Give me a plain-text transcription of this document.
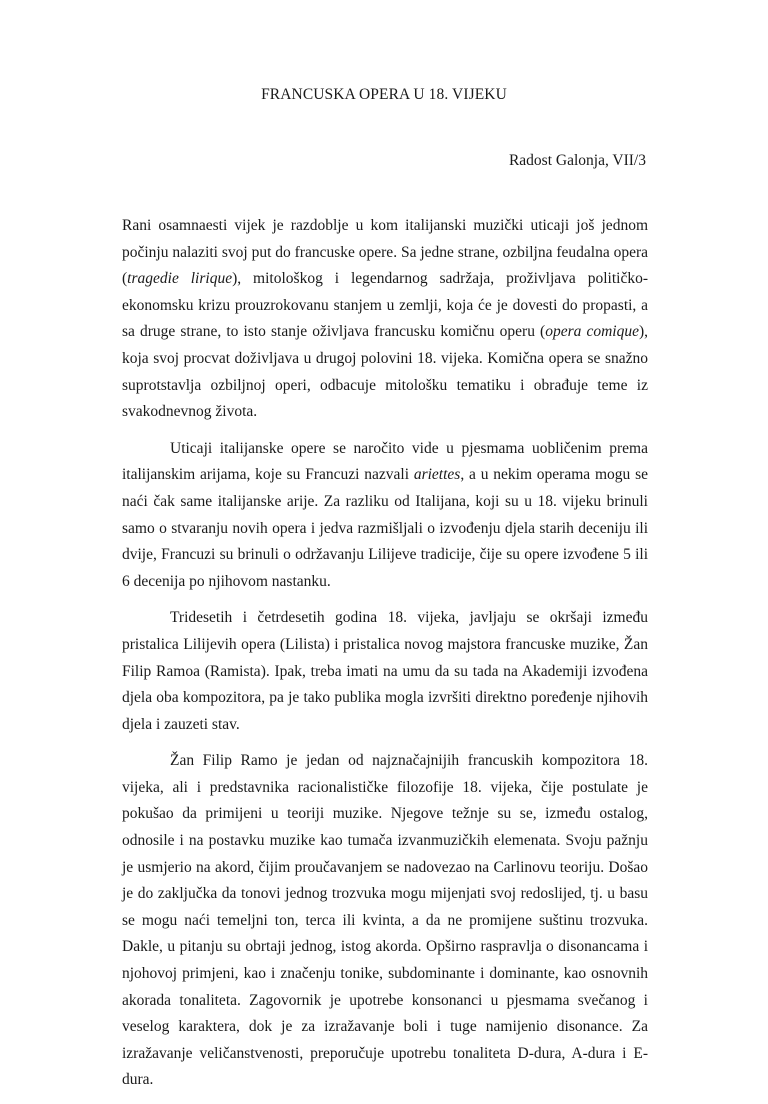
FRANCUSKA OPERA U 18. VIJEKU
Radost Galonja, VII/3

Rani osamnaesti vijek je razdoblje u kom italijanski muzički uticaji još jednom počinju nalaziti svoj put do francuske opere. Sa jedne strane, ozbiljna feudalna opera (tragedie lirique), mitološkog i legendarnog sadržaja, proživljava političko-ekonomsku krizu prouzrokovanu stanjem u zemlji, koja će je dovesti do propasti, a sa druge strane, to isto stanje oživljava francusku komičnu operu (opera comique), koja svoj procvat doživljava u drugoj polovini 18. vijeka. Komična opera se snažno suprotstavlja ozbiljnoj operi, odbacuje mitološku tematiku i obrađuje teme iz svakodnevnog života.

Uticaji italijanske opere se naročito vide u pjesmama uobličenim prema italijanskim arijama, koje su Francuzi nazvali ariettes, a u nekim operama mogu se naći čak same italijanske arije. Za razliku od Italijana, koji su u 18. vijeku brinuli samo o stvaranju novih opera i jedva razmišljali o izvođenju djela starih deceniju ili dvije, Francuzi su brinuli o održavanju Lilijeve tradicije, čije su opere izvođene 5 ili 6 decenija po njihovom nastanku.

Tridesetih i četrdesetih godina 18. vijeka, javljaju se okršaji između pristalica Lilijevih opera (Lilista) i pristalica novog majstora francuske muzike, Žan Filip Ramoa (Ramista). Ipak, treba imati na umu da su tada na Akademiji izvođena djela oba kompozitora, pa je tako publika mogla izvršiti direktno poređenje njihovih djela i zauzeti stav.

Žan Filip Ramo je jedan od najznačajnijih francuskih kompozitora 18. vijeka, ali i predstavnika racionalističke filozofije 18. vijeka, čije postulate je pokušao da primijeni u teoriji muzike. Njegove težnje su se, između ostalog, odnosile i na postavku muzike kao tumača izvanmuzičkih elemenata. Svoju pažnju je usmjerio na akord, čijim proučavanjem se nadovezao na Carlinovu teoriju. Došao je do zaključka da tonovi jednog trozvuka mogu mijenjati svoj redoslijed, tj. u basu se mogu naći temeljni ton, terca ili kvinta, a da ne promijene suštinu trozvuka. Dakle, u pitanju su obrtaji jednog, istog akorda. Opširno raspravlja o disonancama i njohovoj primjeni, kao i značenju tonike, subdominante i dominante, kao osnovnih akorada tonaliteta. Zagovornik je upotrebe konsonanci u pjesmama svečanog i veselog karaktera, dok je za izražavanje boli i tuge namijenio disonance. Za izražavanje veličanstvenosti, preporučuje upotrebu tonaliteta D-dura, A-dura i E-dura.
